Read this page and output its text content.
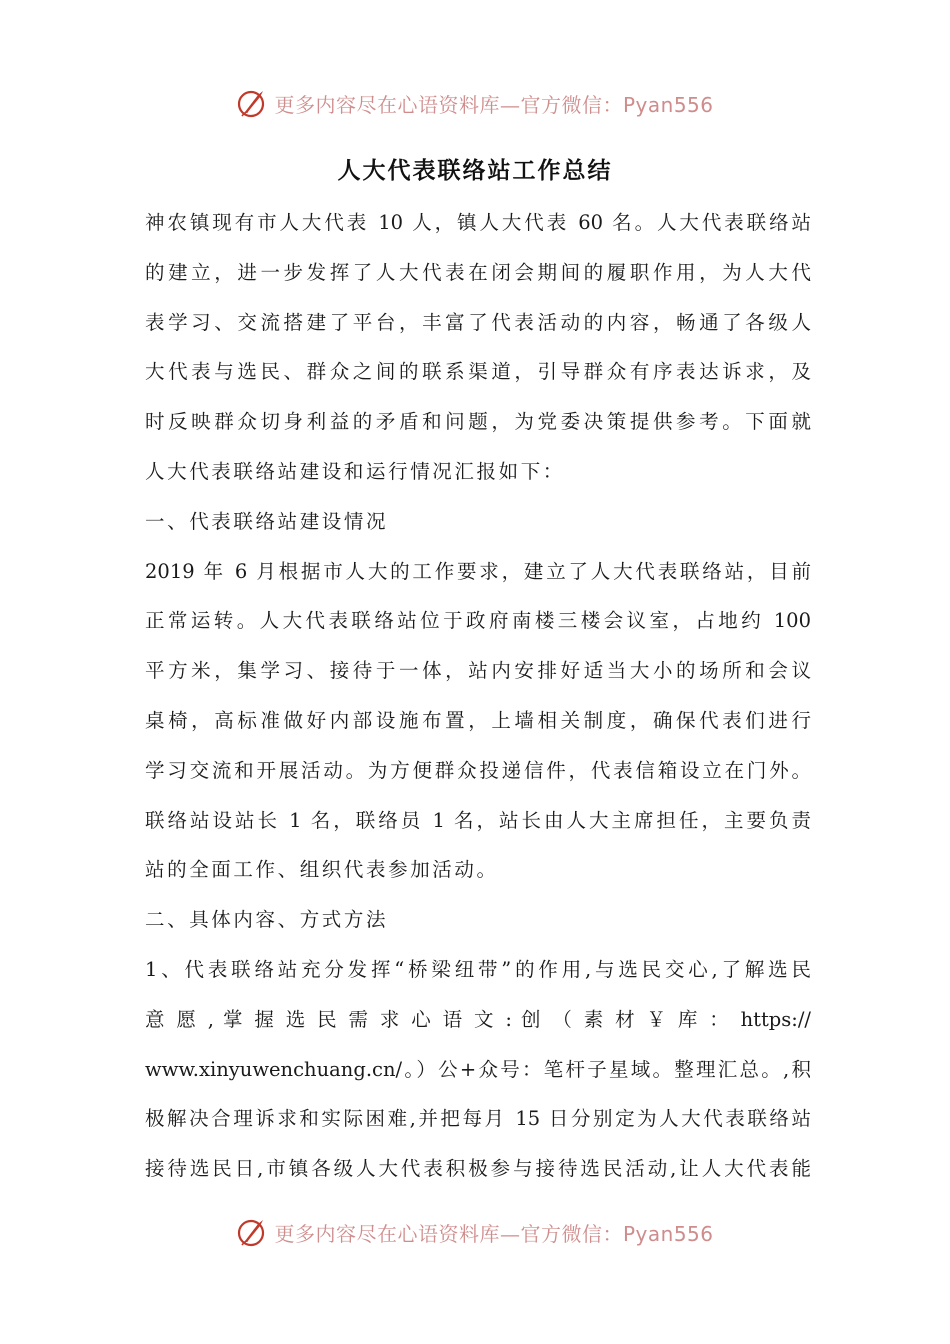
更多内容尽在心语资料库—官方微信：Pyan556
人大代表联络站工作总结
神农镇现有市人大代表 10 人，镇人大代表 60 名。人大代表联络站
的建立，进一步发挥了人大代表在闭会期间的履职作用，为人大代
表学习、交流搭建了平台，丰富了代表活动的内容，畅通了各级人
大代表与选民、群众之间的联系渠道，引导群众有序表达诉求，及
时反映群众切身利益的矛盾和问题，为党委决策提供参考。下面就
人大代表联络站建设和运行情况汇报如下：
一、代表联络站建设情况
2019 年 6 月根据市人大的工作要求，建立了人大代表联络站，目前
正常运转。人大代表联络站位于政府南楼三楼会议室，占地约 100
平方米，集学习、接待于一体，站内安排好适当大小的场所和会议
桌椅，高标准做好内部设施布置，上墙相关制度，确保代表们进行
学习交流和开展活动。为方便群众投递信件，代表信箱设立在门外。
联络站设站长 1 名，联络员 1 名，站长由人大主席担任，主要负责
站的全面工作、组织代表参加活动。
二、具体内容、方式方法
1、代表联络站充分发挥“桥梁纽带”的作用,与选民交心,了解选民
意 愿 , 掌 握 选 民 需 求 心 语 文 : 创 （ 素 材 ￥ 库 ： https://
www.xinyuwenchuang.cn/。）公+众号：笔杆子星域。整理汇总。,积
极解决合理诉求和实际困难,并把每月 15 日分别定为人大代表联络站
接待选民日,市镇各级人大代表积极参与接待选民活动,让人大代表能
更多内容尽在心语资料库—官方微信：Pyan556
